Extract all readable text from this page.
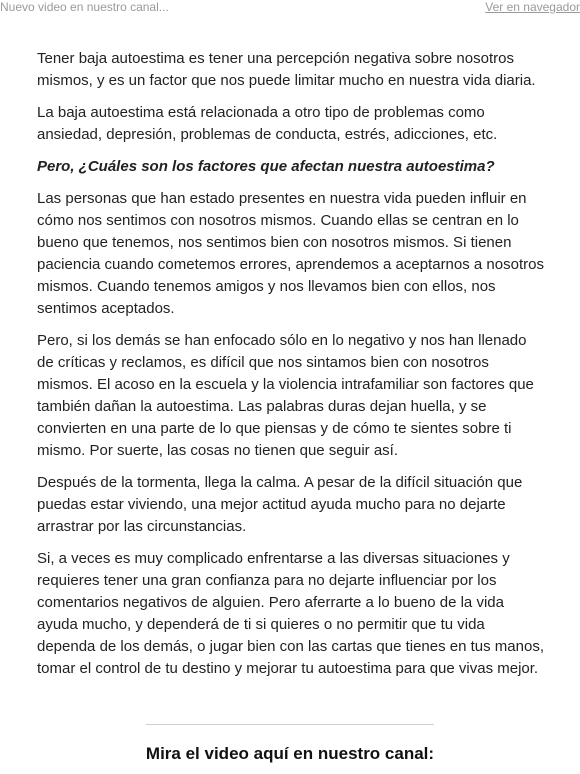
Nuevo video en nuestro canal...	Ver en navegador

Tener baja autoestima es tener una percepción negativa sobre nosotros mismos, y es un factor que nos puede limitar mucho en nuestra vida diaria.

La baja autoestima está relacionada a otro tipo de problemas como ansiedad, depresión, problemas de conducta, estrés, adicciones, etc.

Pero, ¿Cuáles son los factores que afectan nuestra autoestima?

Las personas que han estado presentes en nuestra vida pueden influir en cómo nos sentimos con nosotros mismos. Cuando ellas se centran en lo bueno que tenemos, nos sentimos bien con nosotros mismos. Si tienen paciencia cuando cometemos errores, aprendemos a aceptarnos a nosotros mismos. Cuando tenemos amigos y nos llevamos bien con ellos, nos sentimos aceptados.

Pero, si los demás se han enfocado sólo en lo negativo y nos han llenado de críticas y reclamos, es difícil que nos sintamos bien con nosotros mismos. El acoso en la escuela y la violencia intrafamiliar son factores que también dañan la autoestima. Las palabras duras dejan huella, y se convierten en una parte de lo que piensas y de cómo te sientes sobre ti mismo. Por suerte, las cosas no tienen que seguir así.

Después de la tormenta, llega la calma. A pesar de la difícil situación que puedas estar viviendo, una mejor actitud ayuda mucho para no dejarte arrastrar por las circunstancias.

Si, a veces es muy complicado enfrentarse a las diversas situaciones y requieres tener una gran confianza para no dejarte influenciar por los comentarios negativos de alguien. Pero aferrarte a lo bueno de la vida ayuda mucho, y dependerá de ti si quieres o no permitir que tu vida dependa de los demás, o jugar bien con las cartas que tienes en tus manos, tomar el control de tu destino y mejorar tu autoestima para que vivas mejor.

Mira el video aquí en nuestro canal:
